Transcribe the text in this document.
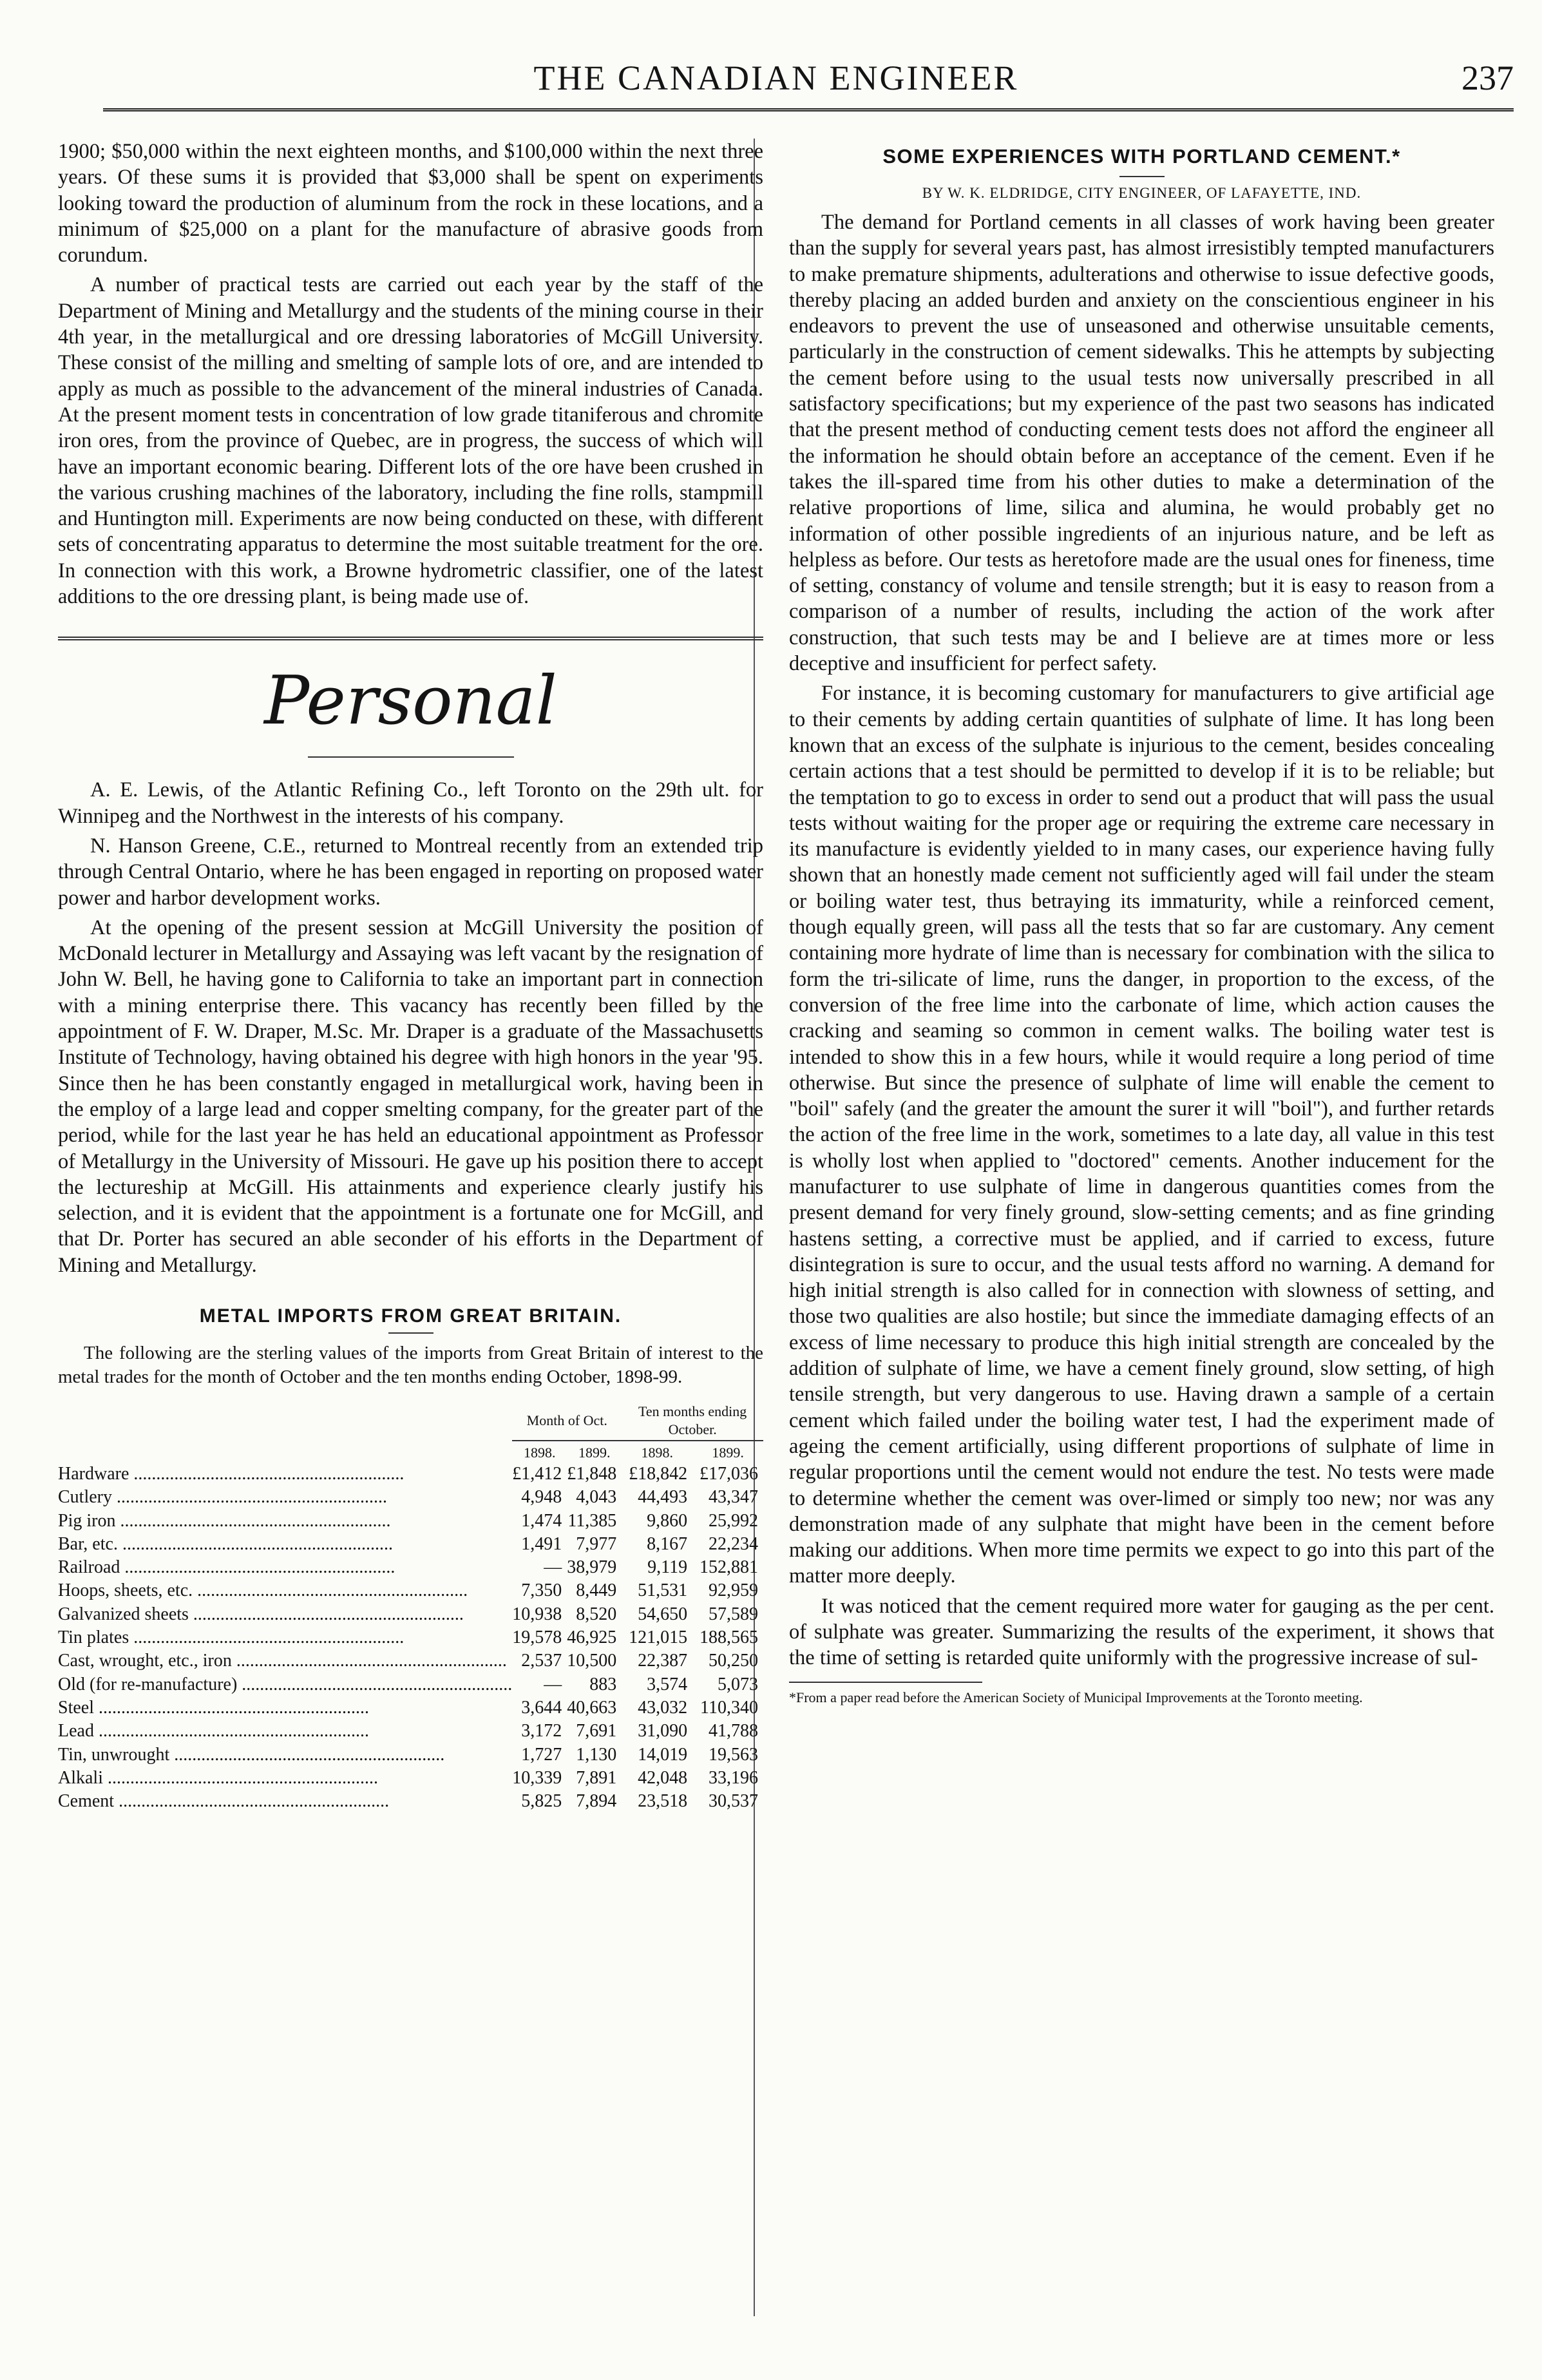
THE CANADIAN ENGINEER	237

1900; $50,000 within the next eighteen months, and $100,000 within the next three years. Of these sums it is provided that $3,000 shall be spent on experiments looking toward the production of aluminum from the rock in these locations, and a minimum of $25,000 on a plant for the manufacture of abrasive goods from corundum.

A number of practical tests are carried out each year by the staff of the Department of Mining and Metallurgy and the students of the mining course in their 4th year, in the metallurgical and ore dressing laboratories of McGill University. These consist of the milling and smelting of sample lots of ore, and are intended to apply as much as possible to the advancement of the mineral industries of Canada. At the present moment tests in concentration of low grade titaniferous and chromite iron ores, from the province of Quebec, are in progress, the success of which will have an important economic bearing. Different lots of the ore have been crushed in the various crushing machines of the laboratory, including the fine rolls, stampmill and Huntington mill. Experiments are now being conducted on these, with different sets of concentrating apparatus to determine the most suitable treatment for the ore. In connection with this work, a Browne hydrometric classifier, one of the latest additions to the ore dressing plant, is being made use of.

Personal

A. E. Lewis, of the Atlantic Refining Co., left Toronto on the 29th ult. for Winnipeg and the Northwest in the interests of his company.

N. Hanson Greene, C.E., returned to Montreal recently from an extended trip through Central Ontario, where he has been engaged in reporting on proposed water power and harbor development works.

At the opening of the present session at McGill University the position of McDonald lecturer in Metallurgy and Assaying was left vacant by the resignation of John W. Bell, he having gone to California to take an important part in connection with a mining enterprise there. This vacancy has recently been filled by the appointment of F. W. Draper, M.Sc. Mr. Draper is a graduate of the Massachusetts Institute of Technology, having obtained his degree with high honors in the year '95. Since then he has been constantly engaged in metallurgical work, having been in the employ of a large lead and copper smelting company, for the greater part of the period, while for the last year he has held an educational appointment as Professor of Metallurgy in the University of Missouri. He gave up his position there to accept the lectureship at McGill. His attainments and experience clearly justify his selection, and it is evident that the appointment is a fortunate one for McGill, and that Dr. Porter has secured an able seconder of his efforts in the Department of Mining and Metallurgy.

METAL IMPORTS FROM GREAT BRITAIN.

The following are the sterling values of the imports from Great Britain of interest to the metal trades for the month of October and the ten months ending October, 1898-99.

	Month of Oct.		Ten months ending October.	
	1898.	1899.	1898.	1899.
Hardware ............................................................	£1,412	£1,848	£18,842	£17,036
Cutlery ............................................................	4,948	4,043	44,493	43,347
Pig iron ............................................................	1,474	11,385	9,860	25,992
Bar, etc. ............................................................	1,491	7,977	8,167	22,234
Railroad ............................................................	—	38,979	9,119	152,881
Hoops, sheets, etc. ............................................................	7,350	8,449	51,531	92,959
Galvanized sheets ............................................................	10,938	8,520	54,650	57,589
Tin plates ............................................................	19,578	46,925	121,015	188,565
Cast, wrought, etc., iron ............................................................	2,537	10,500	22,387	50,250
Old (for re-manufacture) ............................................................	—	883	3,574	5,073
Steel ............................................................	3,644	40,663	43,032	110,340
Lead ............................................................	3,172	7,691	31,090	41,788
Tin, unwrought ............................................................	1,727	1,130	14,019	19,563
Alkali ............................................................	10,339	7,891	42,048	33,196
Cement ............................................................	5,825	7,894	23,518	30,537
SOME EXPERIENCES WITH PORTLAND CEMENT.*
BY W. K. ELDRIDGE, CITY ENGINEER, OF LAFAYETTE, IND.

The demand for Portland cements in all classes of work having been greater than the supply for several years past, has almost irresistibly tempted manufacturers to make premature shipments, adulterations and otherwise to issue defective goods, thereby placing an added burden and anxiety on the conscientious engineer in his endeavors to prevent the use of unseasoned and otherwise unsuitable cements, particularly in the construction of cement sidewalks. This he attempts by subjecting the cement before using to the usual tests now universally prescribed in all satisfactory specifications; but my experience of the past two seasons has indicated that the present method of conducting cement tests does not afford the engineer all the information he should obtain before an acceptance of the cement. Even if he takes the ill-spared time from his other duties to make a determination of the relative proportions of lime, silica and alumina, he would probably get no information of other possible ingredients of an injurious nature, and be left as helpless as before. Our tests as heretofore made are the usual ones for fineness, time of setting, constancy of volume and tensile strength; but it is easy to reason from a comparison of a number of results, including the action of the work after construction, that such tests may be and I believe are at times more or less deceptive and insufficient for perfect safety.

For instance, it is becoming customary for manufacturers to give artificial age to their cements by adding certain quantities of sulphate of lime. It has long been known that an excess of the sulphate is injurious to the cement, besides concealing certain actions that a test should be permitted to develop if it is to be reliable; but the temptation to go to excess in order to send out a product that will pass the usual tests without waiting for the proper age or requiring the extreme care necessary in its manufacture is evidently yielded to in many cases, our experience having fully shown that an honestly made cement not sufficiently aged will fail under the steam or boiling water test, thus betraying its immaturity, while a reinforced cement, though equally green, will pass all the tests that so far are customary. Any cement containing more hydrate of lime than is necessary for combination with the silica to form the tri-silicate of lime, runs the danger, in proportion to the excess, of the conversion of the free lime into the carbonate of lime, which action causes the cracking and seaming so common in cement walks. The boiling water test is intended to show this in a few hours, while it would require a long period of time otherwise. But since the presence of sulphate of lime will enable the cement to "boil" safely (and the greater the amount the surer it will "boil"), and further retards the action of the free lime in the work, sometimes to a late day, all value in this test is wholly lost when applied to "doctored" cements. Another inducement for the manufacturer to use sulphate of lime in dangerous quantities comes from the present demand for very finely ground, slow-setting cements; and as fine grinding hastens setting, a corrective must be applied, and if carried to excess, future disintegration is sure to occur, and the usual tests afford no warning. A demand for high initial strength is also called for in connection with slowness of setting, and those two qualities are also hostile; but since the immediate damaging effects of an excess of lime necessary to produce this high initial strength are concealed by the addition of sulphate of lime, we have a cement finely ground, slow setting, of high tensile strength, but very dangerous to use. Having drawn a sample of a certain cement which failed under the boiling water test, I had the experiment made of ageing the cement artificially, using different proportions of sulphate of lime in regular proportions until the cement would not endure the test. No tests were made to determine whether the cement was over-limed or simply too new; nor was any demonstration made of any sulphate that might have been in the cement before making our additions. When more time permits we expect to go into this part of the matter more deeply.

It was noticed that the cement required more water for gauging as the per cent. of sulphate was greater. Summarizing the results of the experiment, it shows that the time of setting is retarded quite uniformly with the progressive increase of sul-

*From a paper read before the American Society of Municipal Improvements at the Toronto meeting.
